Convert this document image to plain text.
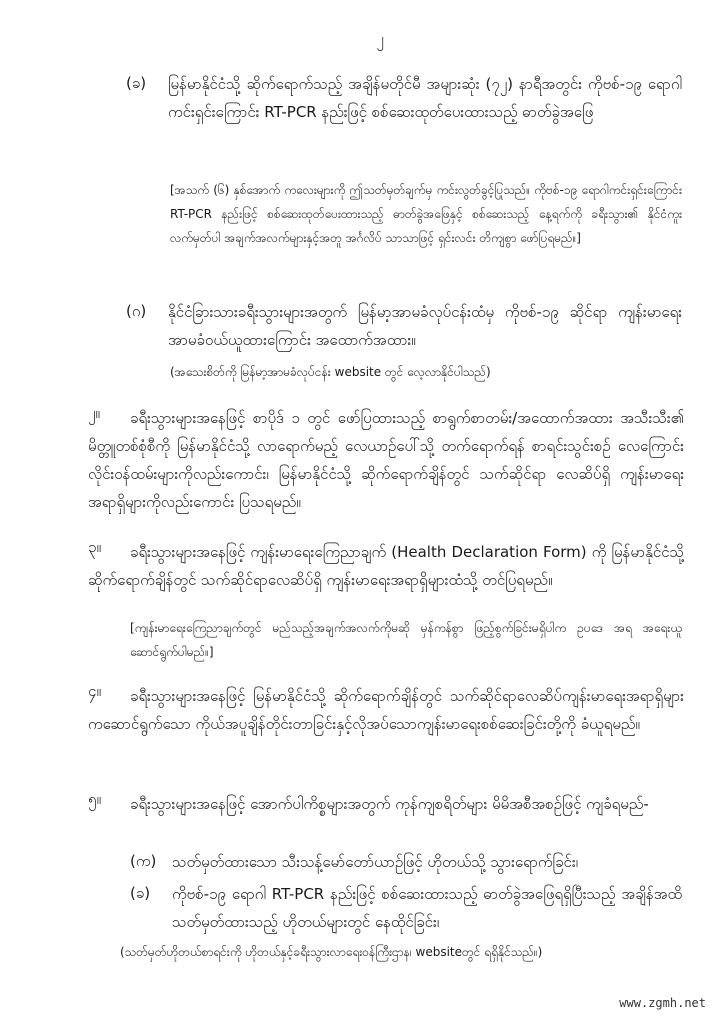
၂
(ခ) မြန်မာနိုင်ငံသို့ ဆိုက်ရောက်သည့် အချိန်မတိုင်မီ အများဆုံး (၇၂) နာရီအတွင်း ကိုဗစ်-၁၉ ရောဂါကင်းရှင်းကြောင်း RT-PCR နည်းဖြင့် စစ်ဆေးထုတ်ပေးထားသည့် ဓာတ်ခွဲအဖြေ
[အသက် (၆) နှစ်အောက် ကလေးများကို ဤသတ်မှတ်ချက်မှ ကင်းလွတ်ခွင့်ပြုသည်။ ကိုဗစ်-၁၉ ရောဂါကင်းရှင်းကြောင်း RT-PCR နည်းဖြင့် စစ်ဆေးထုတ်ပေးထားသည့် ဓာတ်ခွဲအဖြေနှင့် စစ်ဆေးသည့် နေ့ရက်ကို ခရီးသွား၏ နိုင်ငံကူးလက်မှတ်ပါ အချက်အလက်များနှင့်အတူ အင်္ဂလိပ် သာသာဖြင့် ရှင်းလင်း တိကျစွာ ဖော်ပြရမည်။]
(ဂ) နိုင်ငံခြားသားခရီးသွားများအတွက် မြန်မာ့အာမခံလုပ်ငန်းထံမှ ကိုဗစ်-၁၉ ဆိုင်ရာ ကျန်းမာရေး အာမခံဝယ်ယူထားကြောင်း အထောက်အထား။
(အသေးစိတ်ကို မြန်မာ့အာမခံလုပ်ငန်း website တွင် လေ့လာနိုင်ပါသည်)
၂။	ခရီးသွားများအနေဖြင့် စာပိုဒ် ၁ တွင် ဖော်ပြထားသည့် စာရွက်စာတမ်း/အထောက်အထား အသီးသီး၏ မိတ္တူတစ်စုံစီကို မြန်မာနိုင်ငံသို့ လာရောက်မည့် လေယာဉ်ပေါ်သို့ တက်ရောက်ရန် စာရင်းသွင်းစဉ် လေကြောင်းလိုင်းဝန်ထမ်းများကိုလည်းကောင်း၊ မြန်မာနိုင်ငံသို့ ဆိုက်ရောက်ချိန်တွင် သက်ဆိုင်ရာ လေဆိပ်ရှိ ကျန်းမာရေးအရာရှိများကိုလည်းကောင်း ပြသရမည်။
၃။	ခရီးသွားများအနေဖြင့် ကျန်းမာရေးကြေညာချက် (Health Declaration Form) ကို မြန်မာနိုင်ငံသို့ ဆိုက်ရောက်ချိန်တွင် သက်ဆိုင်ရာလေဆိပ်ရှိ ကျန်းမာရေးအရာရှိများထံသို့ တင်ပြရမည်။
[ကျန်းမာရေးကြေညာချက်တွင် မည်သည့်အချက်အလက်ကိုမဆို မှန်ကန်စွာ ဖြည့်စွက်ခြင်းမရှိပါက ဥပဒေ အရ အရေးယူဆောင်ရွက်ပါမည်။]
၄။	ခရီးသွားများအနေဖြင့် မြန်မာနိုင်ငံသို့ ဆိုက်ရောက်ချိန်တွင် သက်ဆိုင်ရာလေဆိပ်ကျန်းမာရေးအရာရှိများကဆောင်ရွက်သော ကိုယ်အပူချိန်တိုင်းတာခြင်းနှင့်လိုအပ်သောကျန်းမာရေးစစ်ဆေးခြင်းတို့ကို ခံယူရမည်။
၅။	ခရီးသွားများအနေဖြင့် အောက်ပါကိစ္စများအတွက် ကုန်ကျစရိတ်များ မိမိအစီအစဉ်ဖြင့် ကျခံရမည်-
(က) သတ်မှတ်ထားသော သီးသန့်မော်တော်ယာဉ်ဖြင့် ဟိုတယ်သို့ သွားရောက်ခြင်း၊
(ခ) ကိုဗစ်-၁၉ ရောဂါ RT-PCR နည်းဖြင့် စစ်ဆေးထားသည့် ဓာတ်ခွဲအဖြေရရှိပြီးသည့် အချိန်အထိ သတ်မှတ်ထားသည့် ဟိုတယ်များတွင် နေထိုင်ခြင်း၊
(သတ်မှတ်ဟိုတယ်စာရင်းကို ဟိုတယ်နှင့်ခရီးသွားလာရေးဝန်ကြီးဌာန၊ websiteတွင် ရရှိနိုင်သည်။)
www.zgmh.net
